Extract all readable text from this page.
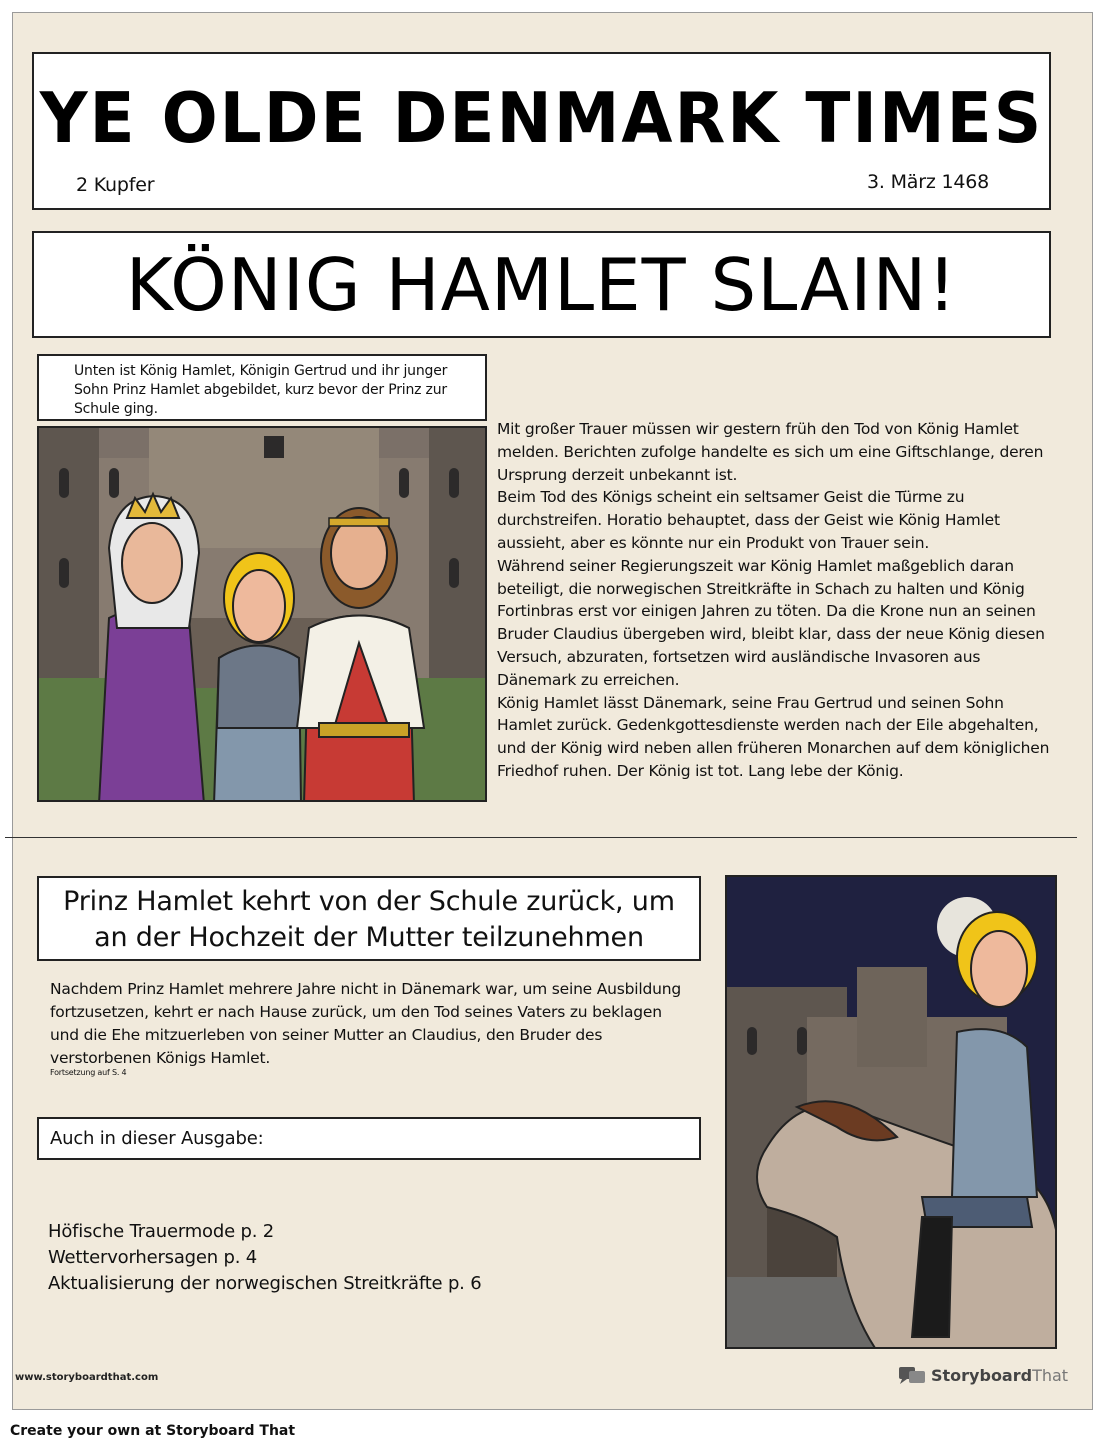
YE OLDE DENMARK TIMES
2 Kupfer	3. März 1468
KÖNIG HAMLET SLAIN!
Unten ist König Hamlet, Königin Gertrud und ihr junger Sohn Prinz Hamlet abgebildet, kurz bevor der Prinz zur Schule ging.

Mit großer Trauer müssen wir gestern früh den Tod von König Hamlet melden. Berichten zufolge handelte es sich um eine Giftschlange, deren Ursprung derzeit unbekannt ist.

Beim Tod des Königs scheint ein seltsamer Geist die Türme zu durchstreifen. Horatio behauptet, dass der Geist wie König Hamlet aussieht, aber es könnte nur ein Produkt von Trauer sein.

Während seiner Regierungszeit war König Hamlet maßgeblich daran beteiligt, die norwegischen Streitkräfte in Schach zu halten und König Fortinbras erst vor einigen Jahren zu töten. Da die Krone nun an seinen Bruder Claudius übergeben wird, bleibt klar, dass der neue König diesen Versuch, abzuraten, fortsetzen wird ausländische Invasoren aus Dänemark zu erreichen.

König Hamlet lässt Dänemark, seine Frau Gertrud und seinen Sohn Hamlet zurück. Gedenkgottesdienste werden nach der Eile abgehalten, und der König wird neben allen früheren Monarchen auf dem königlichen Friedhof ruhen. Der König ist tot. Lang lebe der König.

Prinz Hamlet kehrt von der Schule zurück, um an der Hochzeit der Mutter teilzunehmen
Nachdem Prinz Hamlet mehrere Jahre nicht in Dänemark war, um seine Ausbildung fortzusetzen, kehrt er nach Hause zurück, um den Tod seines Vaters zu beklagen und die Ehe mitzuerleben von seiner Mutter an Claudius, den Bruder des verstorbenen Königs Hamlet.
Fortsetzung auf S. 4
Auch in dieser Ausgabe:
Höfische Trauermode p. 2
Wettervorhersagen p. 4
Aktualisierung der norwegischen Streitkräfte p. 6
www.storyboardthat.com	StoryboardThat
Create your own at Storyboard That
